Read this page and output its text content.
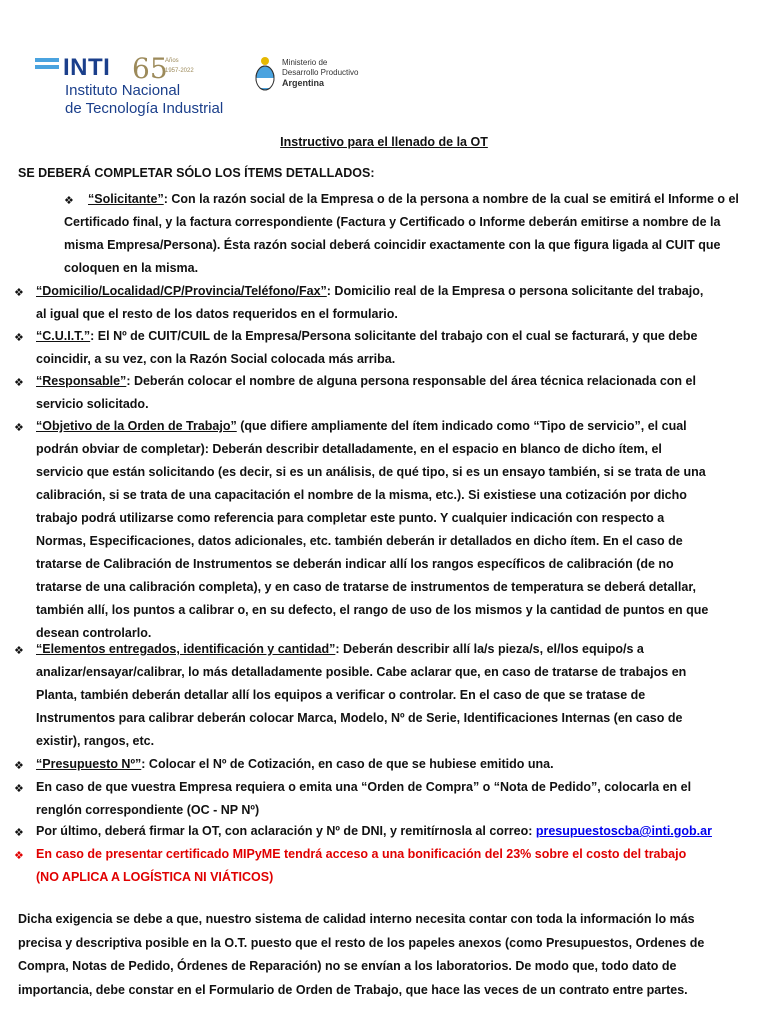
INTI
Instituto Nacional
de Tecnología Industrial
65
Años
1957-2022
Ministerio de
Desarrollo Productivo
Argentina
Instructivo para el llenado de la OT
SE DEBERÁ COMPLETAR SÓLO LOS ÍTEMS DETALLADOS:
❖ “Solicitante”: Con la razón social de la Empresa o de la persona a nombre de la cual se emitirá el Informe o el
Certificado final, y la factura correspondiente (Factura y Certificado o Informe deberán emitirse a nombre de la
misma Empresa/Persona). Ésta razón social deberá coincidir exactamente con la que figura ligada al CUIT que
coloquen en la misma.
❖ “Domicilio/Localidad/CP/Provincia/Teléfono/Fax”: Domicilio real de la Empresa o persona solicitante del trabajo,
al igual que el resto de los datos requeridos en el formulario.
❖ “C.U.I.T.”: El Nº de CUIT/CUIL de la Empresa/Persona solicitante del trabajo con el cual se facturará, y que debe
coincidir, a su vez, con la Razón Social colocada más arriba.
❖ “Responsable”: Deberán colocar el nombre de alguna persona responsable del área técnica relacionada con el
servicio solicitado.
❖ “Objetivo de la Orden de Trabajo” (que difiere ampliamente del ítem indicado como “Tipo de servicio”, el cual
podrán obviar de completar): Deberán describir detalladamente, en el espacio en blanco de dicho ítem, el
servicio que están solicitando (es decir, si es un análisis, de qué tipo, si es un ensayo también, si se trata de una
calibración, si se trata de una capacitación el nombre de la misma, etc.). Si existiese una cotización por dicho
trabajo podrá utilizarse como referencia para completar este punto. Y cualquier indicación con respecto a
Normas, Especificaciones, datos adicionales, etc. también deberán ir detallados en dicho ítem. En el caso de
tratarse de Calibración de Instrumentos se deberán indicar allí los rangos específicos de calibración (de no
tratarse de una calibración completa), y en caso de tratarse de instrumentos de temperatura se deberá detallar,
también allí, los puntos a calibrar o, en su defecto, el rango de uso de los mismos y la cantidad de puntos en que
desean controlarlo.
❖ “Elementos entregados, identificación y cantidad”: Deberán describir allí la/s pieza/s, el/los equipo/s a
analizar/ensayar/calibrar, lo más detalladamente posible. Cabe aclarar que, en caso de tratarse de trabajos en
Planta, también deberán detallar allí los equipos a verificar o controlar. En el caso de que se tratase de
Instrumentos para calibrar deberán colocar Marca, Modelo, Nº de Serie, Identificaciones Internas (en caso de
existir), rangos, etc.
❖ “Presupuesto Nº”: Colocar el Nº de Cotización, en caso de que se hubiese emitido una.
❖ En caso de que vuestra Empresa requiera o emita una “Orden de Compra” o “Nota de Pedido”, colocarla en el
renglón correspondiente (OC - NP Nº)
❖ Por último, deberá firmar la OT, con aclaración y Nº de DNI, y remitírnosla al correo: presupuestoscba@inti.gob.ar
❖ En caso de presentar certificado MIPyME tendrá acceso a una bonificación del 23% sobre el costo del trabajo
(NO APLICA A LOGÍSTICA NI VIÁTICOS)
Dicha exigencia se debe a que, nuestro sistema de calidad interno necesita contar con toda la información lo más
precisa y descriptiva posible en la O.T. puesto que el resto de los papeles anexos (como Presupuestos, Ordenes de
Compra, Notas de Pedido, Órdenes de Reparación) no se envían a los laboratorios. De modo que, todo dato de
importancia, debe constar en el Formulario de Orden de Trabajo, que hace las veces de un contrato entre partes.
